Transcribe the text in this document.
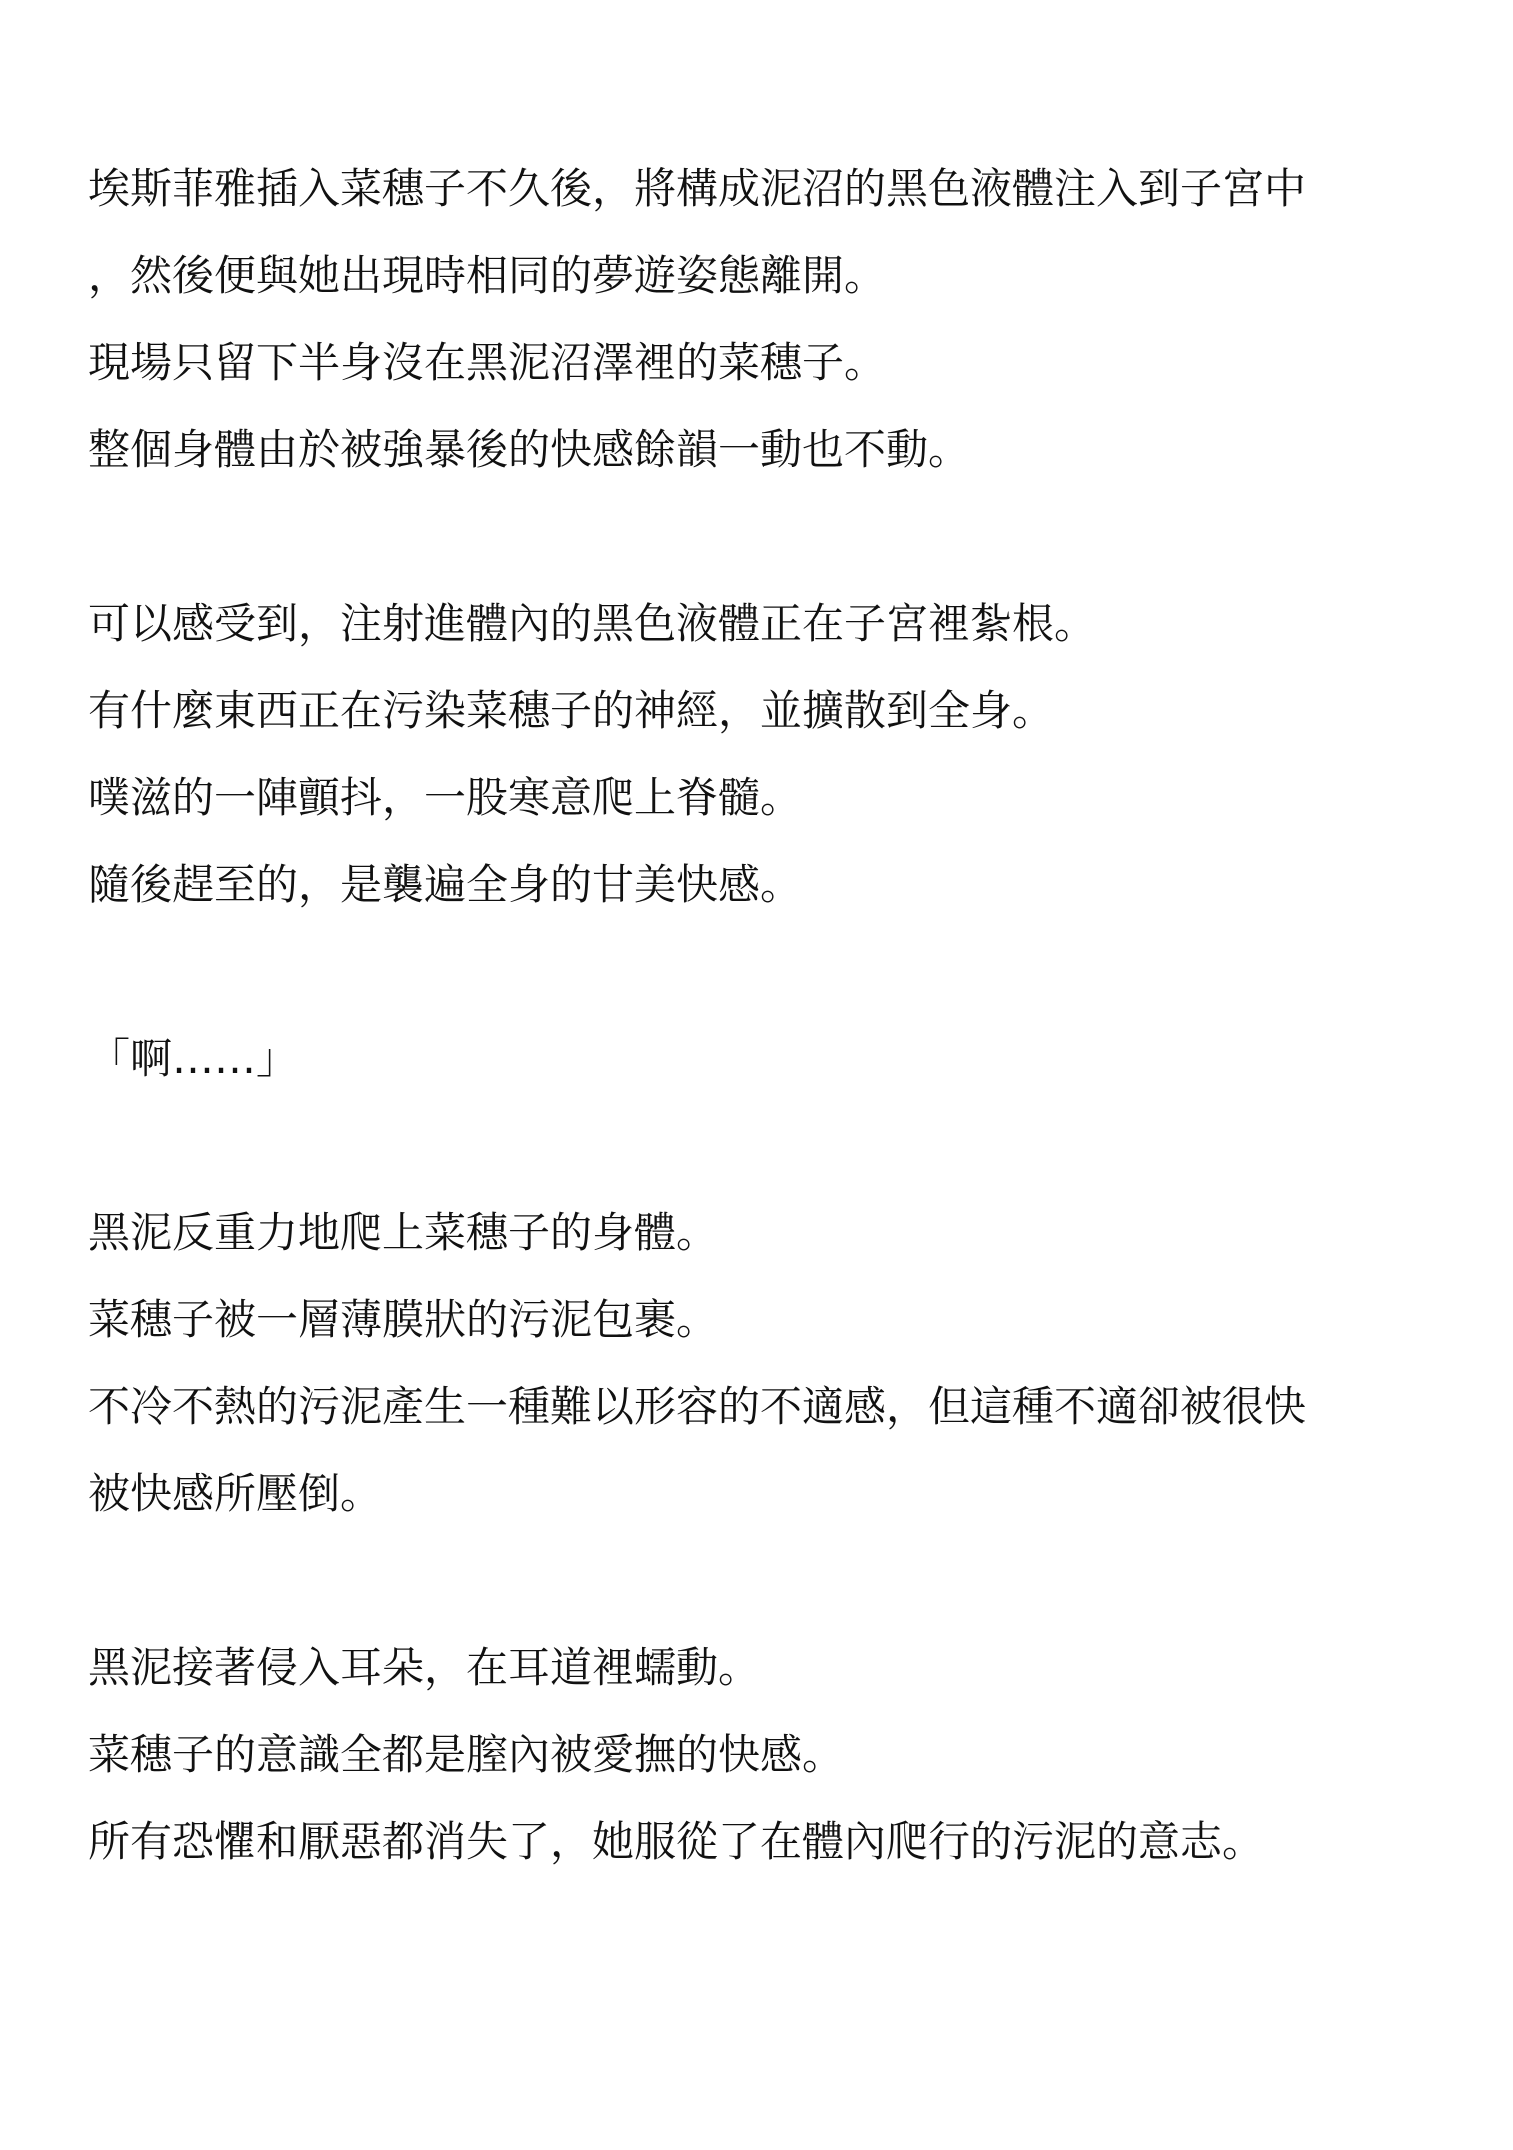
埃斯菲雅插入菜穗子不久後，將構成泥沼的黑色液體注入到子宮中
，然後便與她出現時相同的夢遊姿態離開。
現場只留下半身沒在黑泥沼澤裡的菜穗子。
整個身體由於被強暴後的快感餘韻一動也不動。
可以感受到，注射進體內的黑色液體正在子宮裡紮根。
有什麼東西正在污染菜穗子的神經，並擴散到全身。
噗滋的一陣顫抖，一股寒意爬上脊髓。
隨後趕至的，是襲遍全身的甘美快感。
「啊……」
黑泥反重力地爬上菜穗子的身體。
菜穗子被一層薄膜狀的污泥包裹。
不冷不熱的污泥產生一種難以形容的不適感，但這種不適卻被很快
被快感所壓倒。
黑泥接著侵入耳朵，在耳道裡蠕動。
菜穗子的意識全都是膣內被愛撫的快感。
所有恐懼和厭惡都消失了，她服從了在體內爬行的污泥的意志。
